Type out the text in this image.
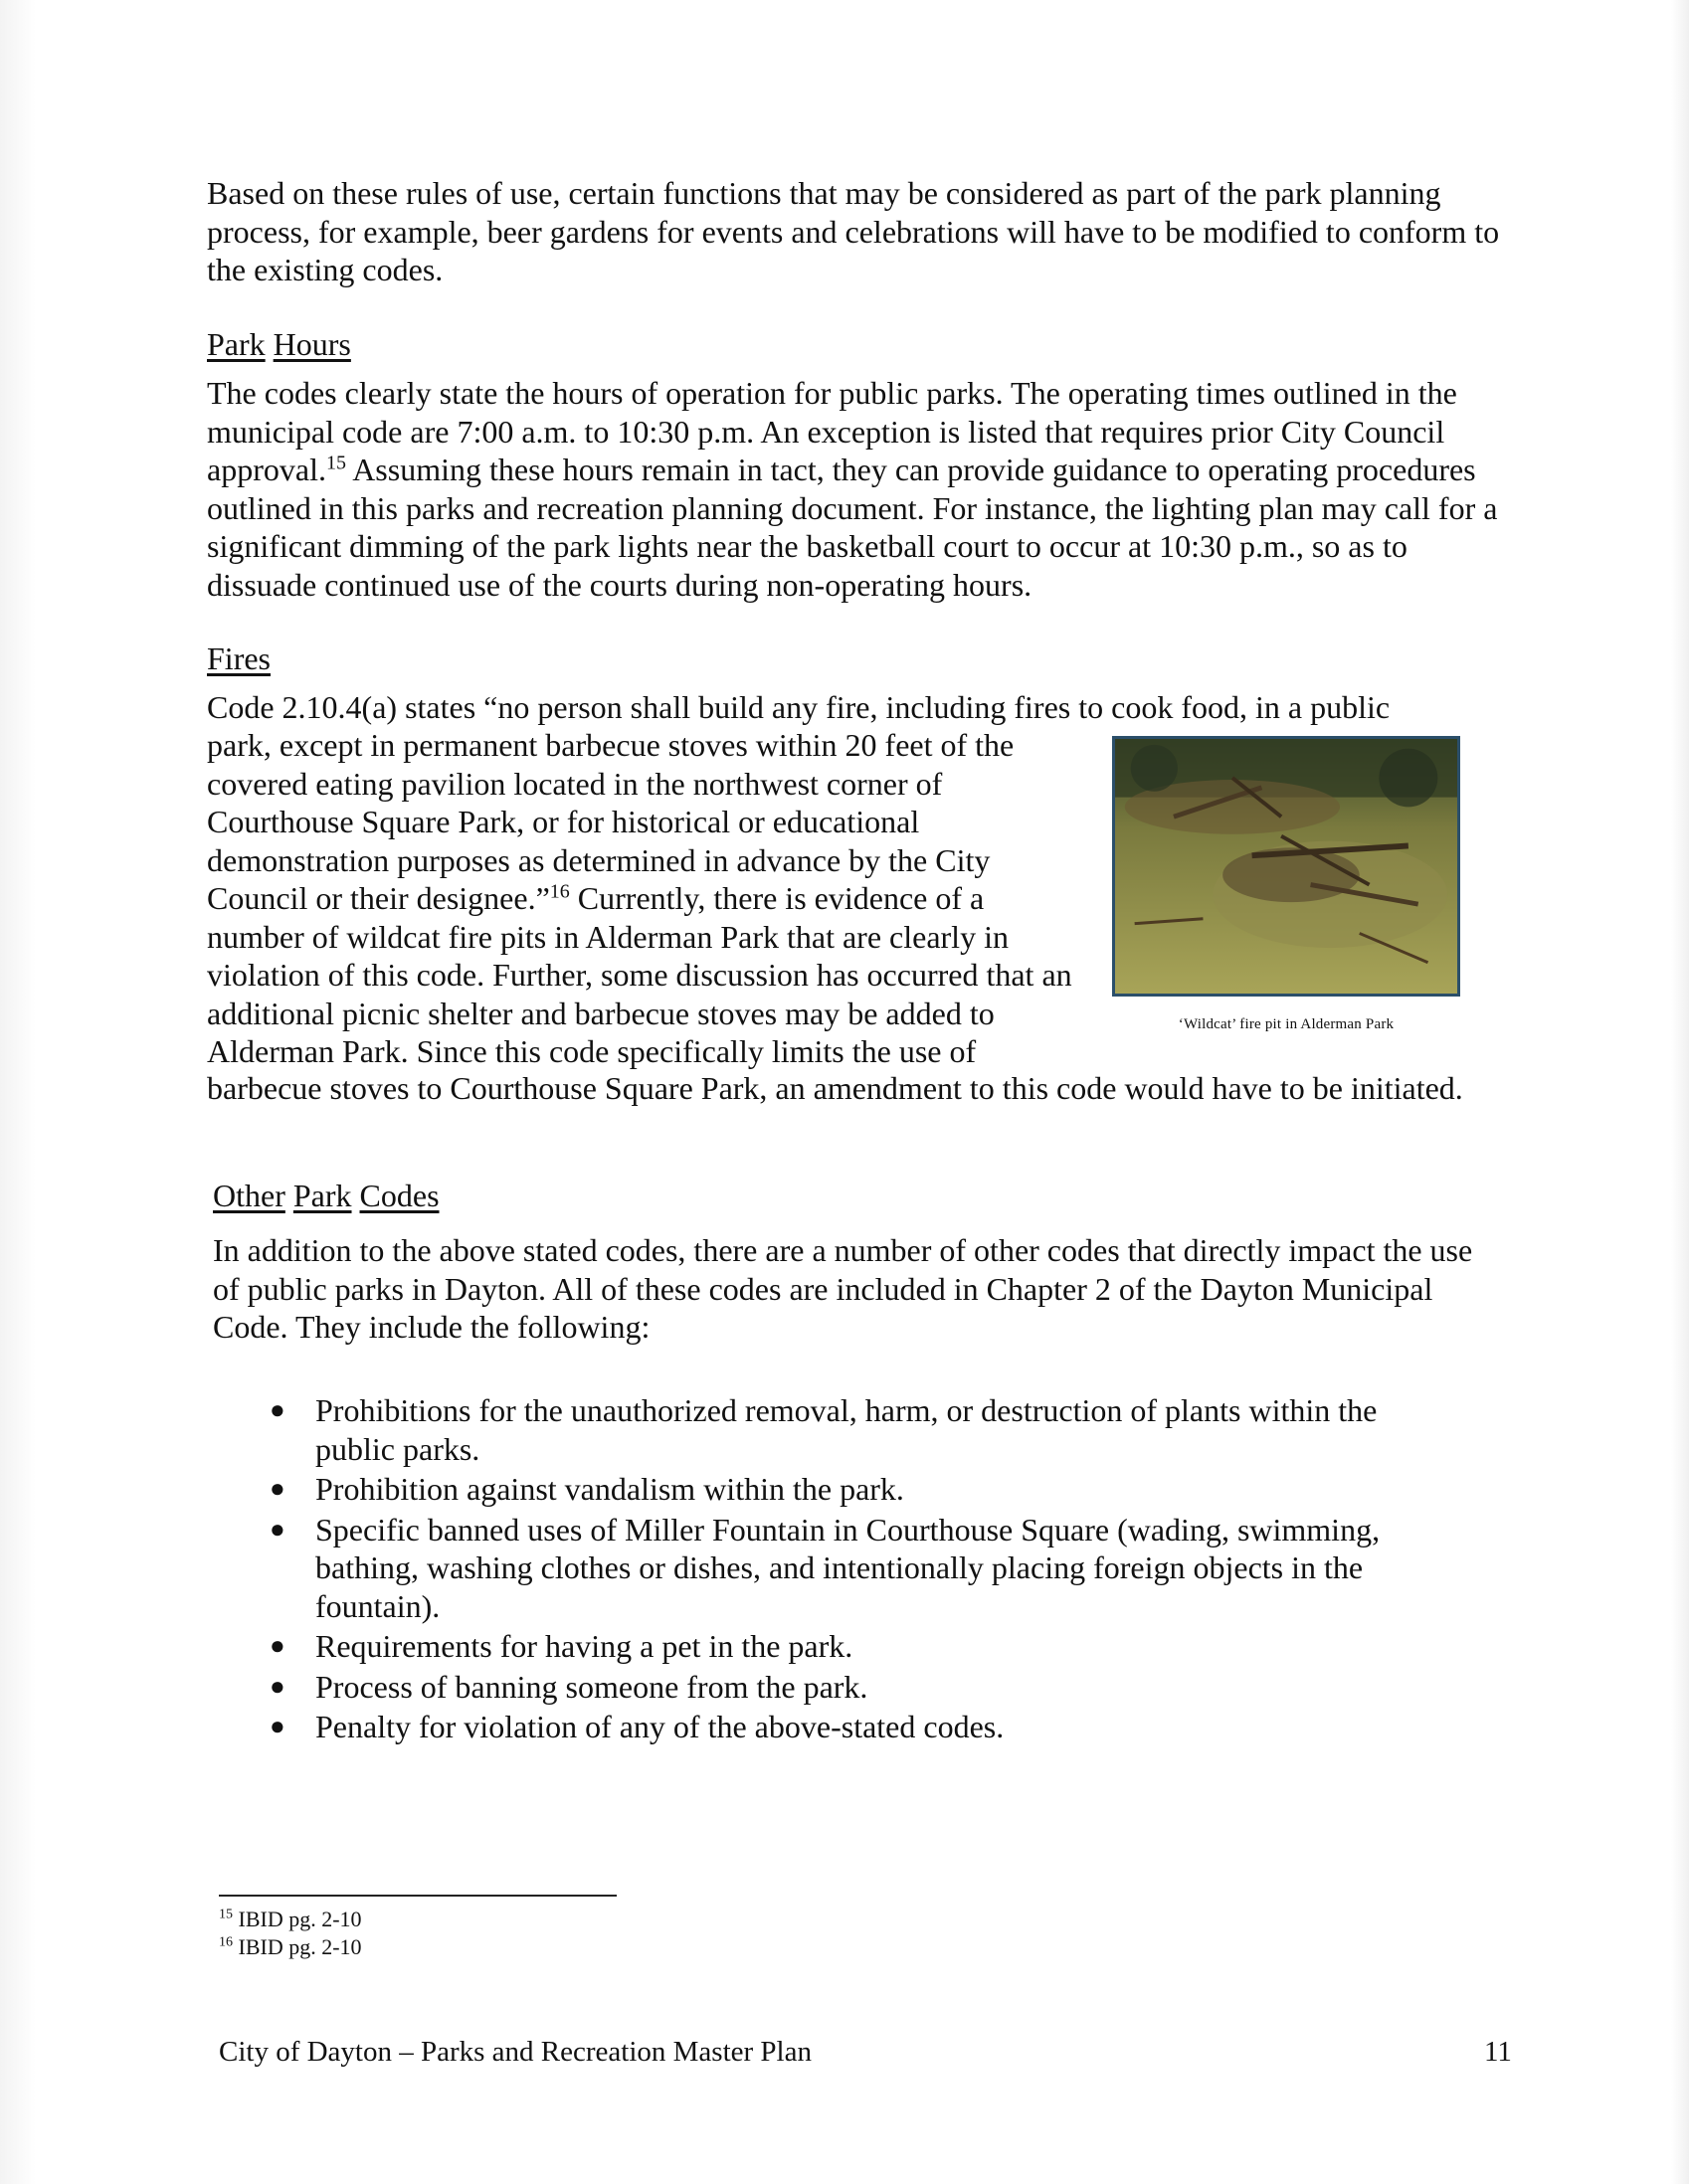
Based on these rules of use, certain functions that may be considered as part of the park planning process, for example, beer gardens for events and celebrations will have to be modified to conform to the existing codes.

Park Hours

The codes clearly state the hours of operation for public parks. The operating times outlined in the municipal code are 7:00 a.m. to 10:30 p.m. An exception is listed that requires prior City Council approval.$^{15}$ Assuming these hours remain in tact, they can provide guidance to operating procedures outlined in this parks and recreation planning document. For instance, the lighting plan may call for a significant dimming of the park lights near the basketball court to occur at 10:30 p.m., so as to dissuade continued use of the courts during non-operating hours.

Fires

Code 2.10.4(a) states “no person shall build any fire, including fires to cook food, in a public

park, except in permanent barbecue stoves within 20 feet of the covered eating pavilion located in the northwest corner of Courthouse Square Park, or for historical or educational demonstration purposes as determined in advance by the City Council or their designee.”$^{16}$ Currently, there is evidence of a number of wildcat fire pits in Alderman Park that are clearly in violation of this code. Further, some discussion has occurred that an additional picnic shelter and barbecue stoves may be added to Alderman Park. Since this code specifically limits the use of

barbecue stoves to Courthouse Square Park, an amendment to this code would have to be initiated.

‘Wildcat’ fire pit in Alderman Park

Other Park Codes

In addition to the above stated codes, there are a number of other codes that directly impact the use of public parks in Dayton. All of these codes are included in Chapter 2 of the Dayton Municipal Code. They include the following:

● Prohibitions for the unauthorized removal, harm, or destruction of plants within the public parks.
● Prohibition against vandalism within the park.
● Specific banned uses of Miller Fountain in Courthouse Square (wading, swimming, bathing, washing clothes or dishes, and intentionally placing foreign objects in the fountain).
● Requirements for having a pet in the park.
● Process of banning someone from the park.
● Penalty for violation of any of the above-stated codes.
$^{15}$ IBID pg. 2-10
$^{16}$ IBID pg. 2-10
City of Dayton – Parks and Recreation Master Plan	11
